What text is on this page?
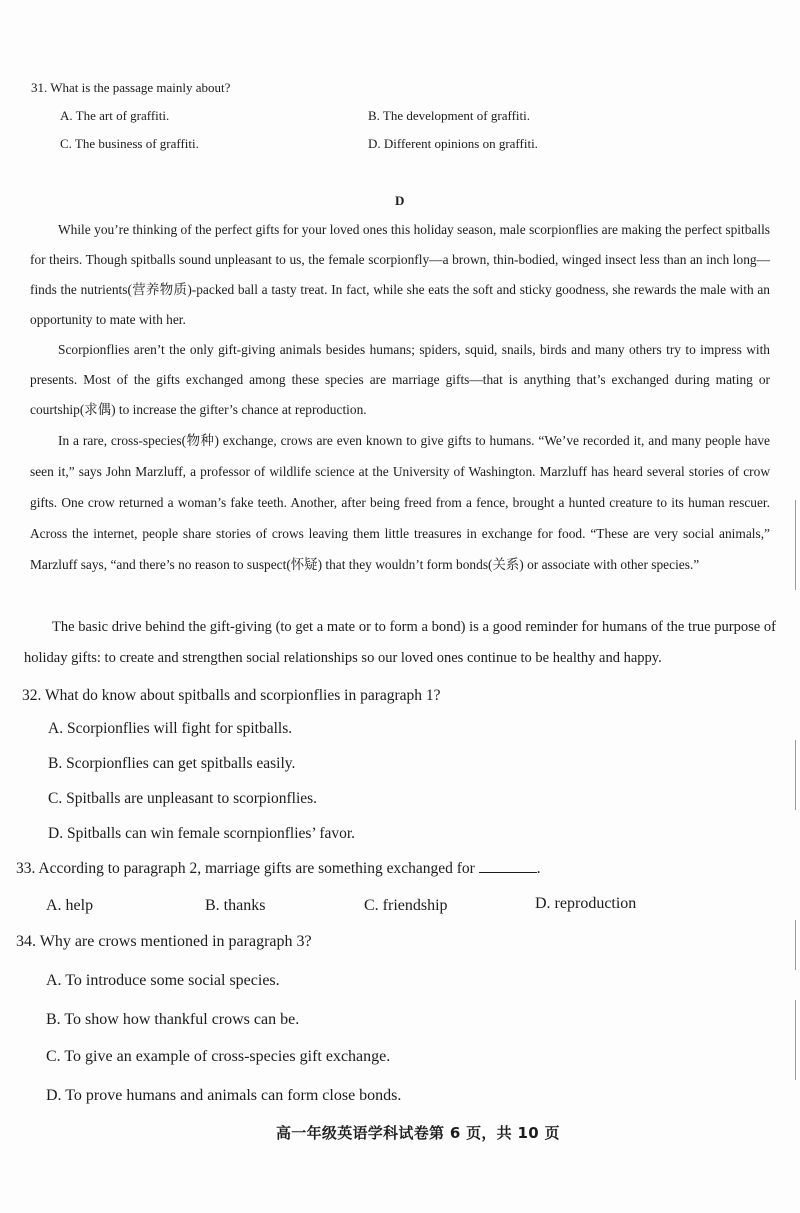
31. What is the passage mainly about?
A. The art of graffiti.	B. The development of graffiti.
C. The business of graffiti.	D. Different opinions on graffiti.
D

While you’re thinking of the perfect gifts for your loved ones this holiday season, male scorpionflies are making the perfect spitballs for theirs. Though spitballs sound unpleasant to us, the female scorpionfly—a brown, thin-bodied, winged insect less than an inch long—finds the nutrients(营养物质)-packed ball a tasty treat. In fact, while she eats the soft and sticky goodness, she rewards the male with an opportunity to mate with her.

Scorpionflies aren’t the only gift-giving animals besides humans; spiders, squid, snails, birds and many others try to impress with presents. Most of the gifts exchanged among these species are marriage gifts—that is anything that’s exchanged during mating or courtship(求偶) to increase the gifter’s chance at reproduction.

In a rare, cross-species(物种) exchange, crows are even known to give gifts to humans. “We’ve recorded it, and many people have seen it,” says John Marzluff, a professor of wildlife science at the University of Washington. Marzluff has heard several stories of crow gifts. One crow returned a woman’s fake teeth. Another, after being freed from a fence, brought a hunted creature to its human rescuer. Across the internet, people share stories of crows leaving them little treasures in exchange for food. “These are very social animals,” Marzluff says, “and there’s no reason to suspect(怀疑) that they wouldn’t form bonds(关系) or associate with other species.”

The basic drive behind the gift-giving (to get a mate or to form a bond) is a good reminder for humans of the true purpose of holiday gifts: to create and strengthen social relationships so our loved ones continue to be healthy and happy.

32. What do know about spitballs and scorpionflies in paragraph 1?
A. Scorpionflies will fight for spitballs.
B. Scorpionflies can get spitballs easily.
C. Spitballs are unpleasant to scorpionflies.
D. Spitballs can win female scornpionflies’ favor.
33. According to paragraph 2, marriage gifts are something exchanged for	.
A. help	B. thanks	C. friendship	D. reproduction
34. Why are crows mentioned in paragraph 3?
A. To introduce some social species.
B. To show how thankful crows can be.
C. To give an example of cross-species gift exchange.
D. To prove humans and animals can form close bonds.
高一年级英语学科试卷第 6 页，共 10 页
